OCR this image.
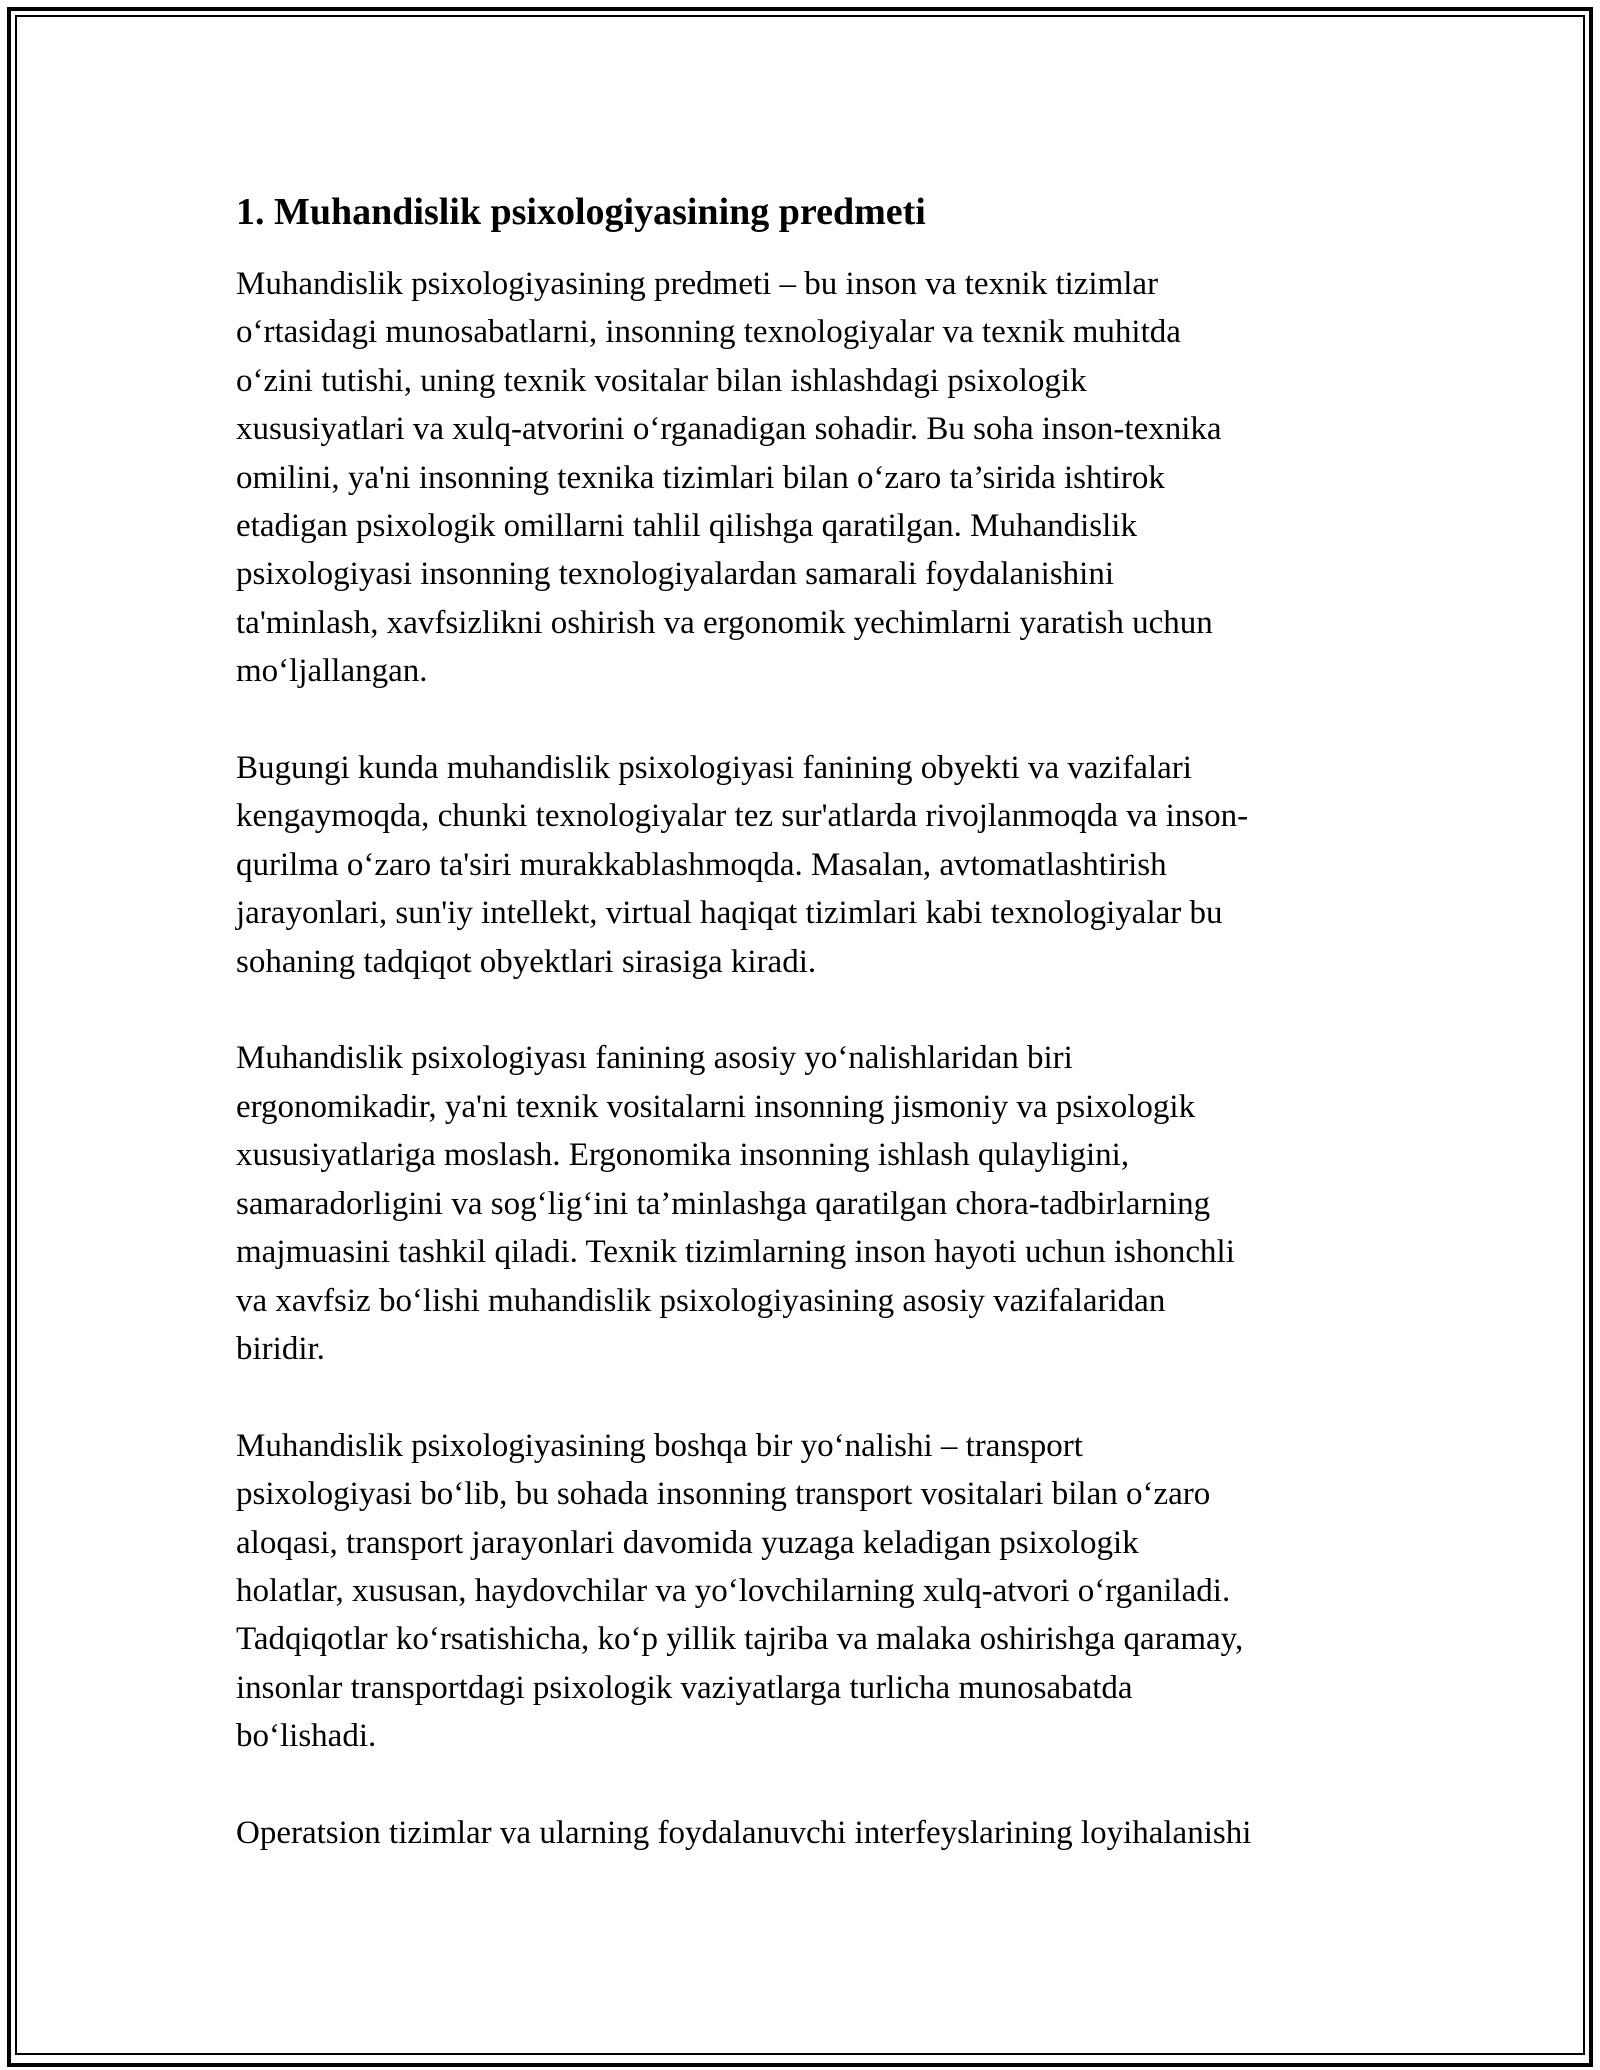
1. Muhandislik psixologiyasining predmeti

Muhandislik psixologiyasining predmeti – bu inson va texnik tizimlar
o‘rtasidagi munosabatlarni, insonning texnologiyalar va texnik muhitda
o‘zini tutishi, uning texnik vositalar bilan ishlashdagi psixologik
xususiyatlari va xulq-atvorini o‘rganadigan sohadir. Bu soha inson-texnika
omilini, ya'ni insonning texnika tizimlari bilan o‘zaro ta’sirida ishtirok
etadigan psixologik omillarni tahlil qilishga qaratilgan. Muhandislik
psixologiyasi insonning texnologiyalardan samarali foydalanishini
ta'minlash, xavfsizlikni oshirish va ergonomik yechimlarni yaratish uchun
mo‘ljallangan.

Bugungi kunda muhandislik psixologiyasi fanining obyekti va vazifalari
kengaymoqda, chunki texnologiyalar tez sur'atlarda rivojlanmoqda va inson-
qurilma o‘zaro ta'siri murakkablashmoqda. Masalan, avtomatlashtirish
jarayonlari, sun'iy intellekt, virtual haqiqat tizimlari kabi texnologiyalar bu
sohaning tadqiqot obyektlari sirasiga kiradi.

Muhandislik psixologiyası fanining asosiy yo‘nalishlaridan biri
ergonomikadir, ya'ni texnik vositalarni insonning jismoniy va psixologik
xususiyatlariga moslash. Ergonomika insonning ishlash qulayligini,
samaradorligini va sog‘lig‘ini ta’minlashga qaratilgan chora-tadbirlarning
majmuasini tashkil qiladi. Texnik tizimlarning inson hayoti uchun ishonchli
va xavfsiz bo‘lishi muhandislik psixologiyasining asosiy vazifalaridan
biridir.

Muhandislik psixologiyasining boshqa bir yo‘nalishi – transport
psixologiyasi bo‘lib, bu sohada insonning transport vositalari bilan o‘zaro
aloqasi, transport jarayonlari davomida yuzaga keladigan psixologik
holatlar, xususan, haydovchilar va yo‘lovchilarning xulq-atvori o‘rganiladi.
Tadqiqotlar ko‘rsatishicha, ko‘p yillik tajriba va malaka oshirishga qaramay,
insonlar transportdagi psixologik vaziyatlarga turlicha munosabatda
bo‘lishadi.

Operatsion tizimlar va ularning foydalanuvchi interfeyslarining loyihalanishi
